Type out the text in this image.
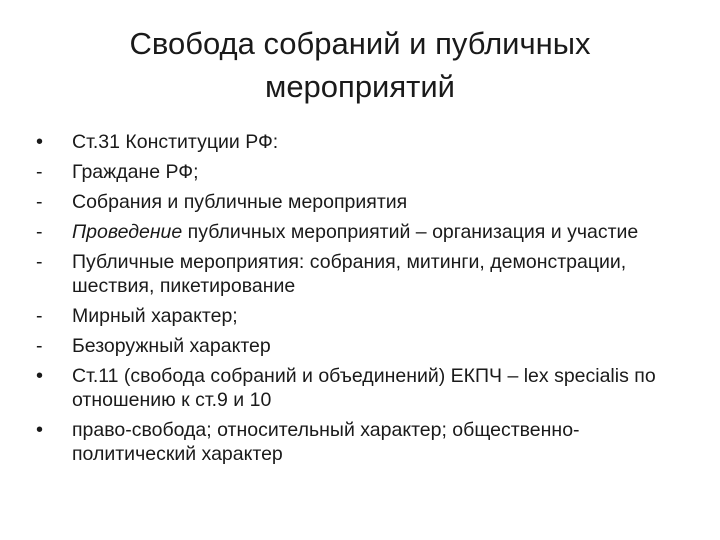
Свобода собраний и публичных
мероприятий
•	Ст.31 Конституции РФ:
-	Граждане РФ;
-	Собрания и публичные мероприятия
-	Проведение публичных мероприятий – организация и участие
-	Публичные мероприятия: собрания, митинги, демонстрации, шествия, пикетирование
-	Мирный характер;
-	Безоружный характер
•	Ст.11 (свобода собраний и объединений) ЕКПЧ – lex specialis по отношению к ст.9 и 10
•	право-свобода; относительный характер; общественно-политический характер
